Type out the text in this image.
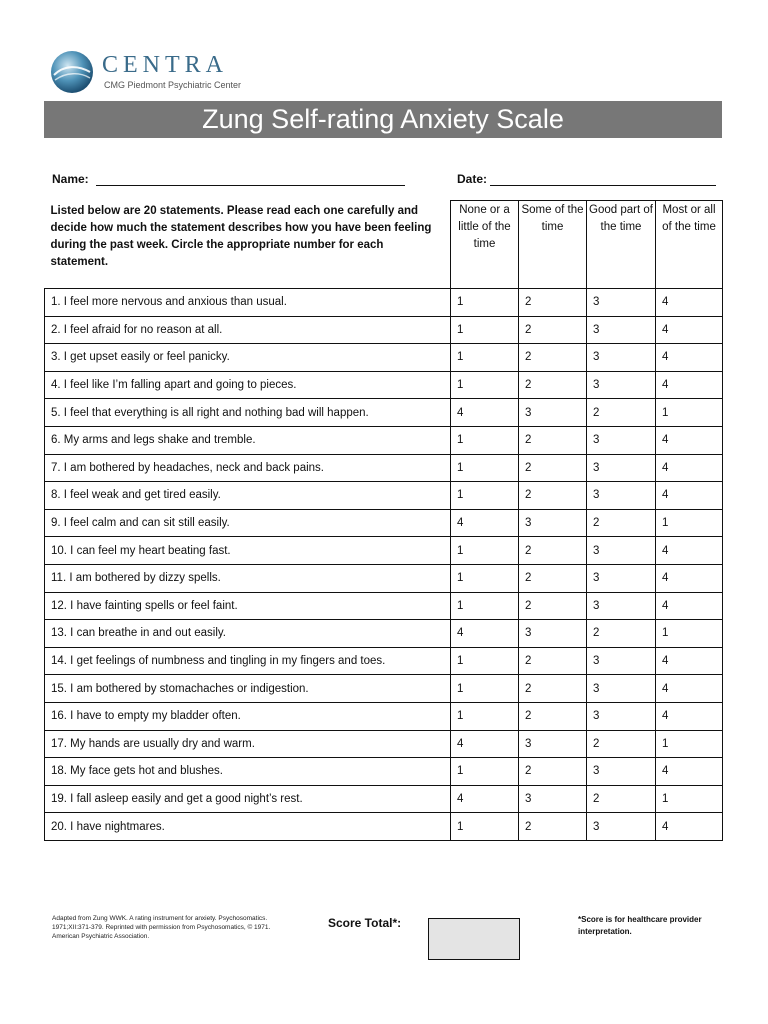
CENTRA
CMG Piedmont Psychiatric Center
Zung Self-rating Anxiety Scale
Name:	Date:
Listed below are 20 statements. Please read each one carefully and decide how much the statement describes how you have been feeling during the past week. Circle the appropriate number for each statement.	None or a little of the time	Some of the time	Good part of the time	Most or all of the time
1. I feel more nervous and anxious than usual.	1	2	3	4
2. I feel afraid for no reason at all.	1	2	3	4
3. I get upset easily or feel panicky.	1	2	3	4
4. I feel like I’m falling apart and going to pieces.	1	2	3	4
5. I feel that everything is all right and nothing bad will happen.	4	3	2	1
6. My arms and legs shake and tremble.	1	2	3	4
7. I am bothered by headaches, neck and back pains.	1	2	3	4
8. I feel weak and get tired easily.	1	2	3	4
9. I feel calm and can sit still easily.	4	3	2	1
10. I can feel my heart beating fast.	1	2	3	4
11. I am bothered by dizzy spells.	1	2	3	4
12. I have fainting spells or feel faint.	1	2	3	4
13. I can breathe in and out easily.	4	3	2	1
14. I get feelings of numbness and tingling in my fingers and toes.	1	2	3	4
15. I am bothered by stomachaches or indigestion.	1	2	3	4
16. I have to empty my bladder often.	1	2	3	4
17. My hands are usually dry and warm.	4	3	2	1
18. My face gets hot and blushes.	1	2	3	4
19. I fall asleep easily and get a good night’s rest.	4	3	2	1
20. I have nightmares.	1	2	3	4
Adapted from Zung WWK. A rating instrument for anxiety. Psychosomatics. 1971;XII:371-379. Reprinted with permission from Psychosomatics, © 1971. American Psychiatric Association.
Score Total*:	*Score is for healthcare provider interpretation.
